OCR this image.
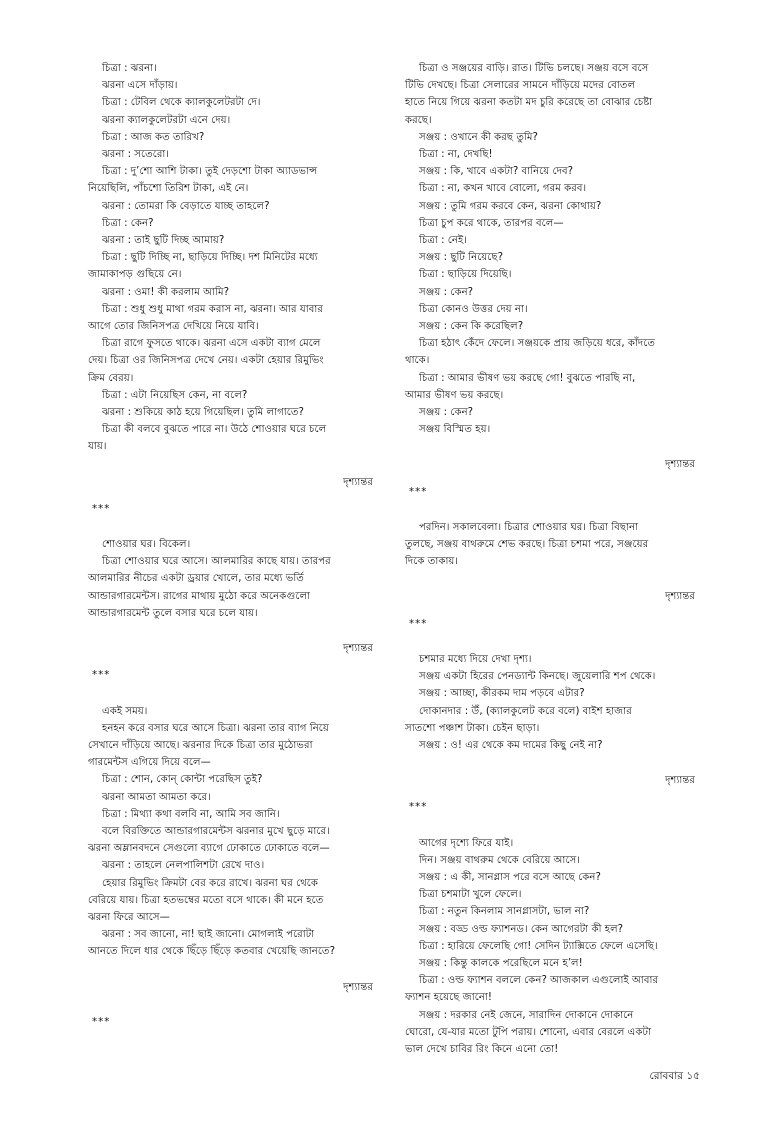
চিত্রা : ঝরনা।
ঝরনা এসে দাঁড়ায়।
চিত্রা : টেবিল থেকে ক্যালকুলেটরটা দে।
ঝরনা ক্যালকুলেটরটা এনে দেয়।
চিত্রা : আজ কত তারিখ?
ঝরনা : সতেরো।
চিত্রা : দু’শো আশি টাকা। তুই দেড়শো টাকা অ্যাডভান্স
নিয়েছিলি, পাঁচশো তিরিশ টাকা, এই নে।
ঝরনা : তোমরা কি বেড়াতে যাচ্ছ তাহলে?
চিত্রা : কেন?
ঝরনা : তাই ছুটি দিচ্ছ আমায়?
চিত্রা : ছুটি দিচ্ছি না, ছাড়িয়ে দিচ্ছি। দশ মিনিটের মধ্যে
জামাকাপড় গুছিয়ে নে।
ঝরনা : ওমা! কী করলাম আমি?
চিত্রা : শুধু শুধু মাথা গরম করাস না, ঝরনা। আর যাবার
আগে তোর জিনিসপত্র দেখিয়ে নিয়ে যাবি।
চিত্রা রাগে ফুসতে থাকে। ঝরনা এসে একটা ব্যাগ মেলে
দেয়। চিত্রা ওর জিনিসপত্র দেখে নেয়। একটা হেয়ার রিমুভিং
ক্রিম বেরয়।
চিত্রা : এটা নিয়েছিস কেন, না বলে?
ঝরনা : শুকিয়ে কাঠ হয়ে গিয়েছিল। তুমি লাগাতে?
চিত্রা কী বলবে বুঝতে পারে না। উঠে শোওয়ার ঘরে চলে
যায়।
দৃশ্যান্তর
***
শোওয়ার ঘর। বিকেল।
চিত্রা শোওয়ার ঘরে আসে। আলমারির কাছে যায়। তারপর
আলমারির নীচের একটা ড্রয়ার খোলে, তার মধ্যে ভর্তি
আন্ডারগারমেন্টস। রাগের মাথায় মুঠো করে অনেকগুলো
আন্ডারগারমেন্ট তুলে বসার ঘরে চলে যায়।
দৃশ্যান্তর
***
একই সময়।
হনহন করে বসার ঘরে আসে চিত্রা। ঝরনা তার ব্যাগ নিয়ে
সেখানে দাঁড়িয়ে আছে। ঝরনার দিকে চিত্রা তার মুঠোভরা
গারমেন্টস এগিয়ে দিয়ে বলে—
চিত্রা : শোন, কোন্ কোন্টা পরেছিস তুই?
ঝরনা আমতা আমতা করে।
চিত্রা : মিথ্যা কথা বলবি না, আমি সব জানি।
বলে বিরক্তিতে আন্ডারগারমেন্টস ঝরনার মুখে ছুড়ে মারে।
ঝরনা অম্লানবদনে সেগুলো ব্যাগে ঢোকাতে ঢোকাতে বলে—
ঝরনা : তাহলে নেলপালিশটা রেখে দাও।
হেয়ার রিমুভিং ক্রিমটা বের করে রাখে। ঝরনা ঘর থেকে
বেরিয়ে যায়। চিত্রা হতভম্বের মতো বসে থাকে। কী মনে হতে
ঝরনা ফিরে আসে—
ঝরনা : সব জানো, না! ছাই জানো। মোগলাই পরোটা
আনতে দিলে ধার থেকে ছিঁড়ে ছিঁড়ে কতবার খেয়েছি জানতে?
দৃশ্যান্তর
***
চিত্রা ও সঞ্জয়ের বাড়ি। রাত। টিভি চলছে। সঞ্জয় বসে বসে
টিভি দেখছে। চিত্রা সেলারের সামনে দাঁড়িয়ে মদের বোতল
হাতে নিয়ে গিয়ে ঝরনা কতটা মদ চুরি করেছে তা বোঝার চেষ্টা
করছে।
সঞ্জয় : ওখানে কী করছ তুমি?
চিত্রা : না, দেখছি!
সঞ্জয় : কি, খাবে একটা? বানিয়ে দেব?
চিত্রা : না, কখন খাবে বোলো, গরম করব।
সঞ্জয় : তুমি গরম করবে কেন, ঝরনা কোথায়?
চিত্রা চুপ করে থাকে, তারপর বলে—
চিত্রা : নেই।
সঞ্জয় : ছুটি নিয়েছে?
চিত্রা : ছাড়িয়ে দিয়েছি।
সঞ্জয় : কেন?
চিত্রা কোনও উত্তর দেয় না।
সঞ্জয় : কেন কি করেছিল?
চিত্রা হঠাৎ কেঁদে ফেলে। সঞ্জয়কে প্রায় জড়িয়ে ধরে, কাঁদতে
থাকে।
চিত্রা : আমার ভীষণ ভয় করছে গো! বুঝতে পারছি না,
আমার ভীষণ ভয় করছে।
সঞ্জয় : কেন?
সঞ্জয় বিস্মিত হয়।
দৃশ্যান্তর
***
পরদিন। সকালবেলা। চিত্রার শোওয়ার ঘর। চিত্রা বিছানা
তুলছে, সঞ্জয় বাথরুমে শেভ করছে। চিত্রা চশমা পরে, সঞ্জয়ের
দিকে তাকায়।
দৃশ্যান্তর
***
চশমার মধ্যে দিয়ে দেখা দৃশ্য।
সঞ্জয় একটা হিরের পেনড্যান্ট কিনছে। জুয়েলারি শপ থেকে।
সঞ্জয় : আচ্ছা, কীরকম দাম পড়বে এটার?
দোকানদার : উঁ, (ক্যালকুলেট করে বলে) বাইশ হাজার
সাতশো পঞ্চাশ টাকা। চেইন ছাড়া।
সঞ্জয় : ও! এর থেকে কম দামের কিছু নেই না?
দৃশ্যান্তর
***
আগের দৃশ্যে ফিরে যাই।
দিন। সঞ্জয় বাথরুম থেকে বেরিয়ে আসে।
সঞ্জয় : এ কী, সানগ্লাস পরে বসে আছে কেন?
চিত্রা চশমাটা খুলে ফেলে।
চিত্রা : নতুন কিনলাম সানগ্লাসটা, ভাল না?
সঞ্জয় : বড্ড ওল্ড ফ্যাশনড। কেন আগেরটা কী হল?
চিত্রা : হারিয়ে ফেলেছি গো! সেদিন ট্যাক্সিতে ফেলে এসেছি।
সঞ্জয় : কিন্তু কালকে পরেছিলে মনে হ’ল!
চিত্রা : ওল্ড ফ্যাশন বললে কেন? আজকাল এগুলোই আবার
ফ্যাশন হয়েছে জানো!
সঞ্জয় : দরকার নেই জেনে, সারাদিন দোকানে দোকানে
ঘোরো, যে-যার মতো টুপি পরায়। শোনো, এবার বেরলে একটা
ভাল দেখে চাবির রিং কিনে এনো তো!
রোববার ১৫
